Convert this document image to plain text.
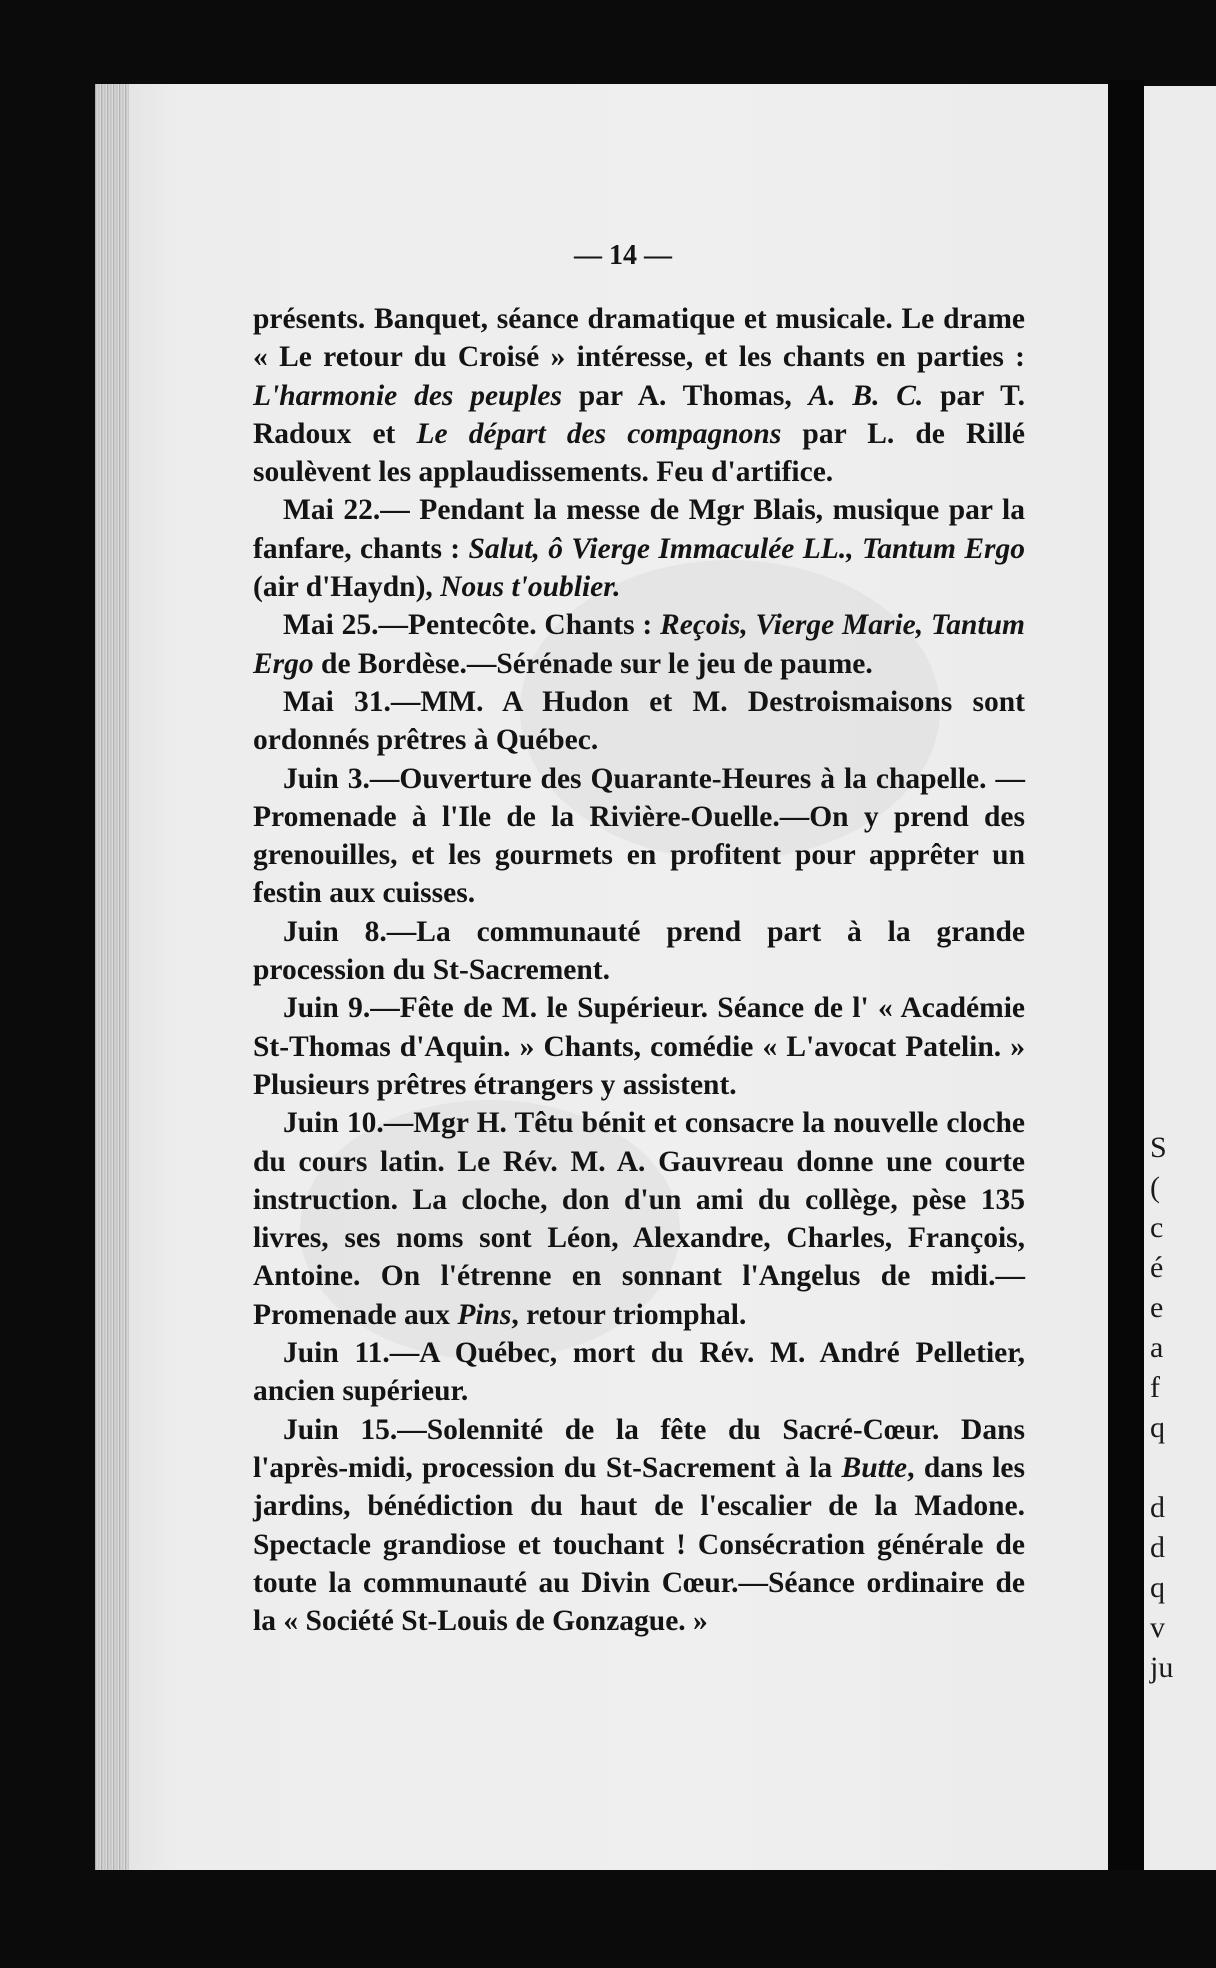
S
(
c
é
e
a
f
q
d
d
q
v
ju
— 14 —

présents. Banquet, séance dramatique et musicale. Le drame « Le retour du Croisé » intéresse, et les chants en parties : L'harmonie des peuples par A. Thomas, A. B. C. par T. Radoux et Le départ des compagnons par L. de Rillé soulèvent les applaudissements. Feu d'artifice.

Mai 22.— Pendant la messe de Mgr Blais, musique par la fanfare, chants : Salut, ô Vierge Immaculée LL., Tantum Ergo (air d'Haydn), Nous t'oublier.

Mai 25.—Pentecôte. Chants : Reçois, Vierge Marie, Tantum Ergo de Bordèse.—Sérénade sur le jeu de paume.

Mai 31.—MM. A Hudon et M. Destroismaisons sont ordonnés prêtres à Québec.

Juin 3.—Ouverture des Quarante-Heures à la chapelle. —Promenade à l'Ile de la Rivière-Ouelle.—On y prend des grenouilles, et les gourmets en profitent pour apprêter un festin aux cuisses.

Juin 8.—La communauté prend part à la grande procession du St-Sacrement.

Juin 9.—Fête de M. le Supérieur. Séance de l' « Académie St-Thomas d'Aquin. » Chants, comédie « L'avocat Patelin. » Plusieurs prêtres étrangers y assistent.

Juin 10.—Mgr H. Têtu bénit et consacre la nouvelle cloche du cours latin. Le Rév. M. A. Gauvreau donne une courte instruction. La cloche, don d'un ami du collège, pèse 135 livres, ses noms sont Léon, Alexandre, Charles, François, Antoine. On l'étrenne en sonnant l'Angelus de midi.—Promenade aux Pins, retour triomphal.

Juin 11.—A Québec, mort du Rév. M. André Pelletier, ancien supérieur.

Juin 15.—Solennité de la fête du Sacré-Cœur. Dans l'après-midi, procession du St-Sacrement à la Butte, dans les jardins, bénédiction du haut de l'escalier de la Madone. Spectacle grandiose et touchant ! Consécration générale de toute la communauté au Divin Cœur.—Séance ordinaire de la « Société St-Louis de Gonzague. »
